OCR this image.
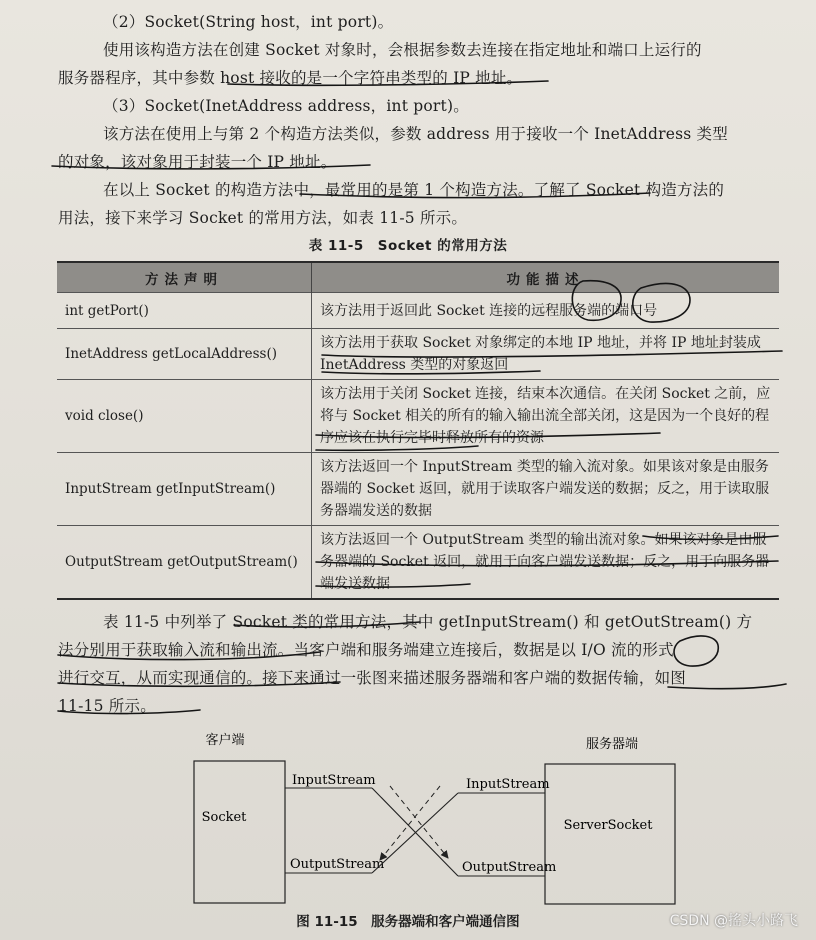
（2）Socket(String host，int port)。

使用该构造方法在创建 Socket 对象时，会根据参数去连接在指定地址和端口上运行的

服务器程序，其中参数 host 接收的是一个字符串类型的 IP 地址。

（3）Socket(InetAddress address，int port)。

该方法在使用上与第 2 个构造方法类似，参数 address 用于接收一个 InetAddress 类型

的对象，该对象用于封装一个 IP 地址。

在以上 Socket 的构造方法中，最常用的是第 1 个构造方法。了解了 Socket 构造方法的

用法，接下来学习 Socket 的常用方法，如表 11-5 所示。

表 11-5　Socket 的常用方法
方法声明	功能描述
int getPort()	该方法用于返回此 Socket 连接的远程服务端的端口号
InetAddress getLocalAddress()	该方法用于获取 Socket 对象绑定的本地 IP 地址，并将 IP 地址封装成 InetAddress 类型的对象返回
void close()	该方法用于关闭 Socket 连接，结束本次通信。在关闭 Socket 之前，应将与 Socket 相关的所有的输入输出流全部关闭，这是因为一个良好的程序应该在执行完毕时释放所有的资源
InputStream getInputStream()	该方法返回一个 InputStream 类型的输入流对象。如果该对象是由服务器端的 Socket 返回，就用于读取客户端发送的数据；反之，用于读取服务器端发送的数据
OutputStream getOutputStream()	该方法返回一个 OutputStream 类型的输出流对象。如果该对象是由服务器端的 Socket 返回，就用于向客户端发送数据；反之，用于向服务器端发送数据

表 11-5 中列举了 Socket 类的常用方法，其中 getInputStream() 和 getOutStream() 方

法分别用于获取输入流和输出流。当客户端和服务端建立连接后，数据是以 I/O 流的形式

进行交互，从而实现通信的。接下来通过一张图来描述服务器端和客户端的数据传输，如图

11-15 所示。

客户端	服务器端
Socket
ServerSocket
InputStream
OutputStream
InputStream
OutputStream
图 11-15　服务器端和客户端通信图	CSDN @搖头小路飞
